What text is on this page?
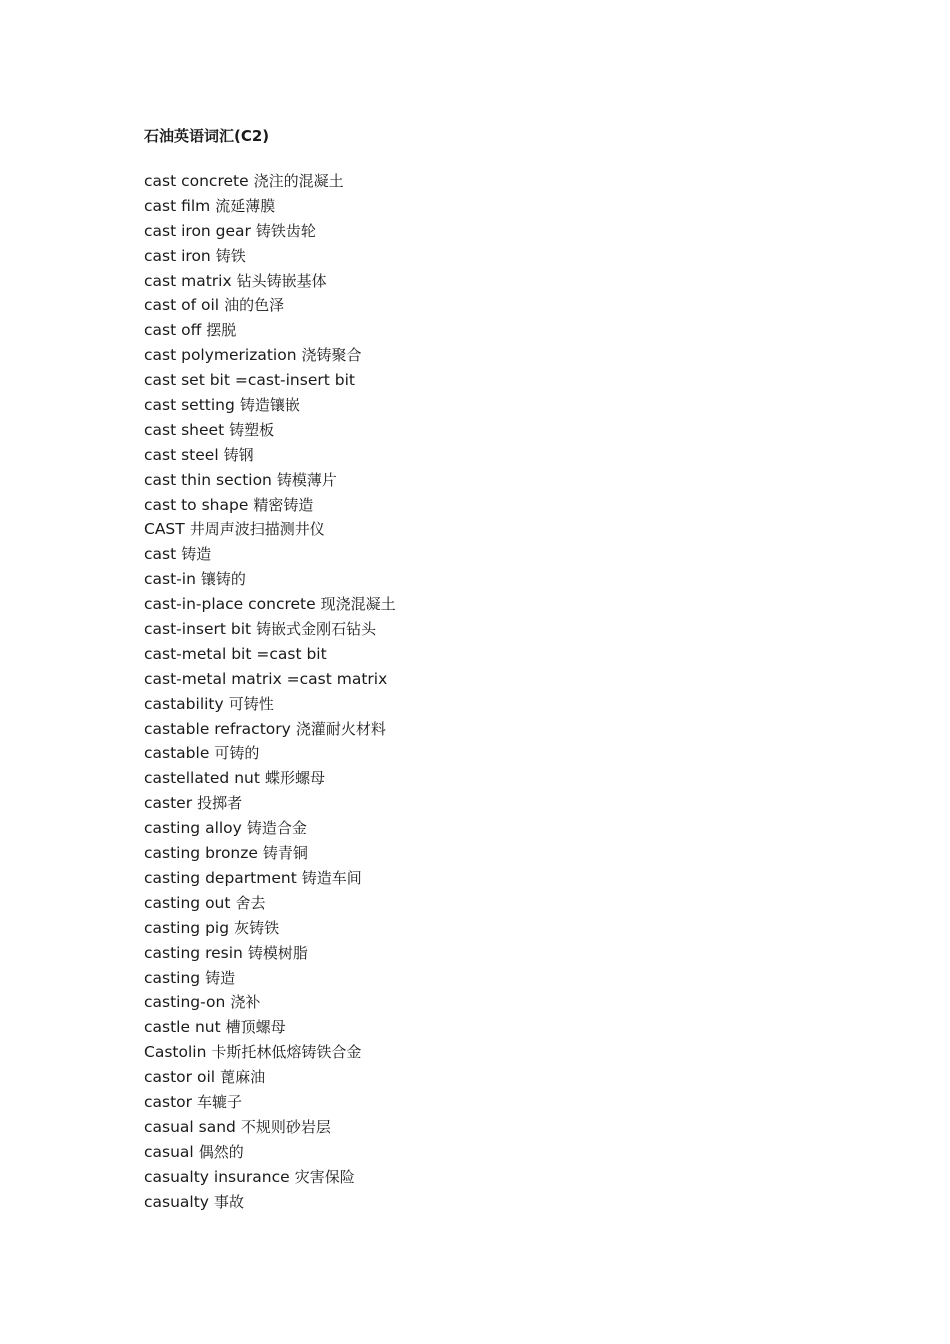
石油英语词汇(C2)
cast concrete 浇注的混凝土
cast film 流延薄膜
cast iron gear 铸铁齿轮
cast iron 铸铁
cast matrix 钻头铸嵌基体
cast of oil 油的色泽
cast off 摆脱
cast polymerization 浇铸聚合
cast set bit =cast-insert bit
cast setting 铸造镶嵌
cast sheet 铸塑板
cast steel 铸钢
cast thin section 铸模薄片
cast to shape 精密铸造
CAST 井周声波扫描测井仪
cast 铸造
cast-in 镶铸的
cast-in-place concrete 现浇混凝土
cast-insert bit 铸嵌式金刚石钻头
cast-metal bit =cast bit
cast-metal matrix =cast matrix
castability 可铸性
castable refractory 浇灌耐火材料
castable 可铸的
castellated nut 蝶形螺母
caster 投掷者
casting alloy 铸造合金
casting bronze 铸青铜
casting department 铸造车间
casting out 舍去
casting pig 灰铸铁
casting resin 铸模树脂
casting 铸造
casting-on 浇补
castle nut 槽顶螺母
Castolin 卡斯托林低熔铸铁合金
castor oil 蓖麻油
castor 车辘子
casual sand 不规则砂岩层
casual 偶然的
casualty insurance 灾害保险
casualty 事故
